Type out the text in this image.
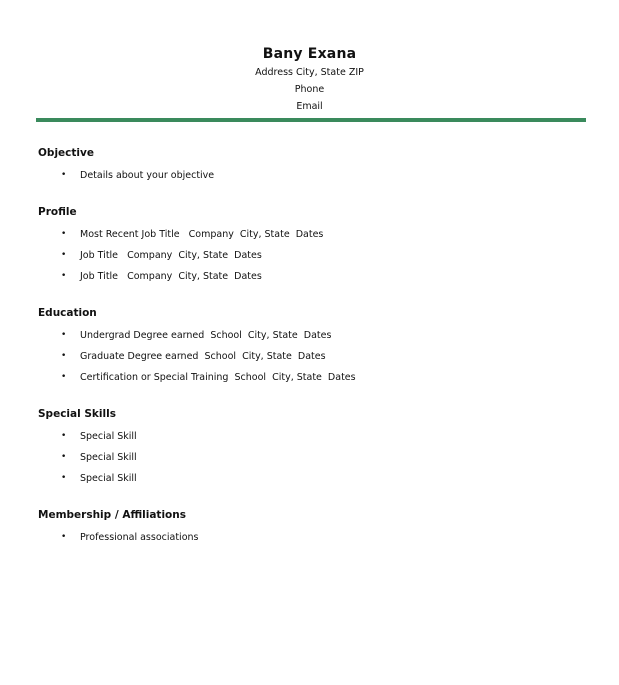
Bany Exana
Address City, State ZIP
Phone
Email
Objective
• Details about your objective
Profile
• Most Recent Job Title   Company  City, State  Dates
• Job Title   Company  City, State  Dates
• Job Title   Company  City, State  Dates
Education
• Undergrad Degree earned  School  City, State  Dates
• Graduate Degree earned  School  City, State  Dates
• Certification or Special Training  School  City, State  Dates
Special Skills
• Special Skill
• Special Skill
• Special Skill
Membership / Affiliations
• Professional associations
